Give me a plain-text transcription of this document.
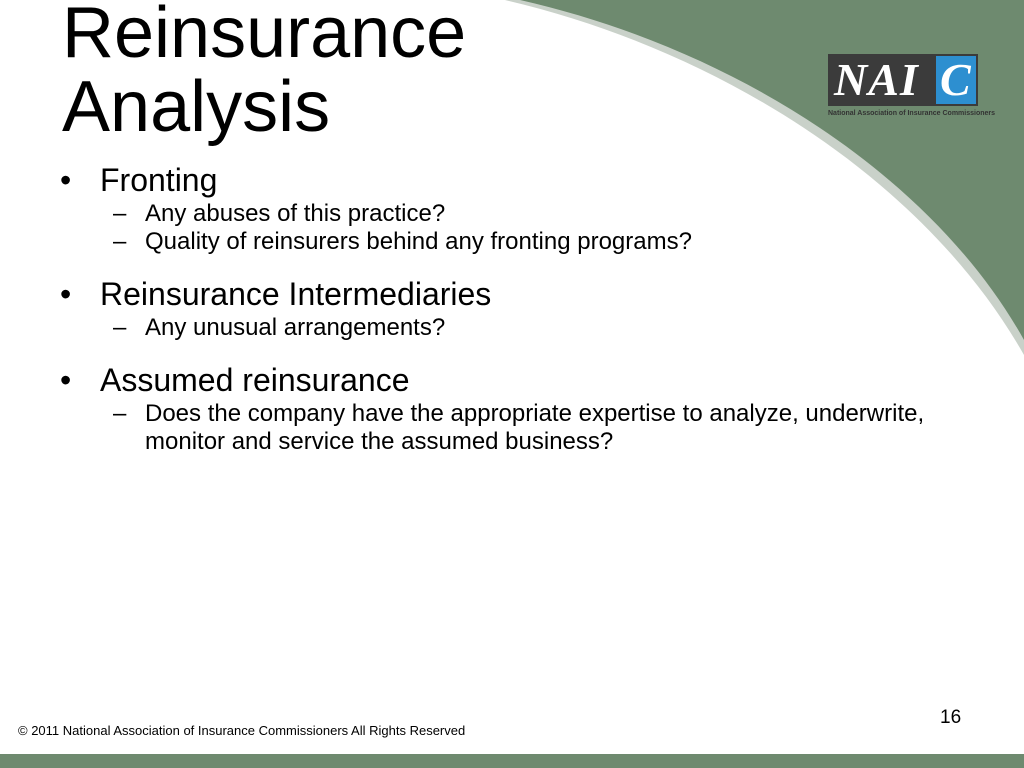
Reinsurance
Analysis	NAI C
National Association of Insurance Commissioners
• Fronting
– Any abuses of this practice?
– Quality of reinsurers behind any fronting programs?
• Reinsurance Intermediaries
– Any unusual arrangements?
• Assumed reinsurance
– Does the company have the appropriate expertise to analyze, underwrite, monitor and service the assumed business?
16
© 2011 National Association of Insurance Commissioners All Rights Reserved
